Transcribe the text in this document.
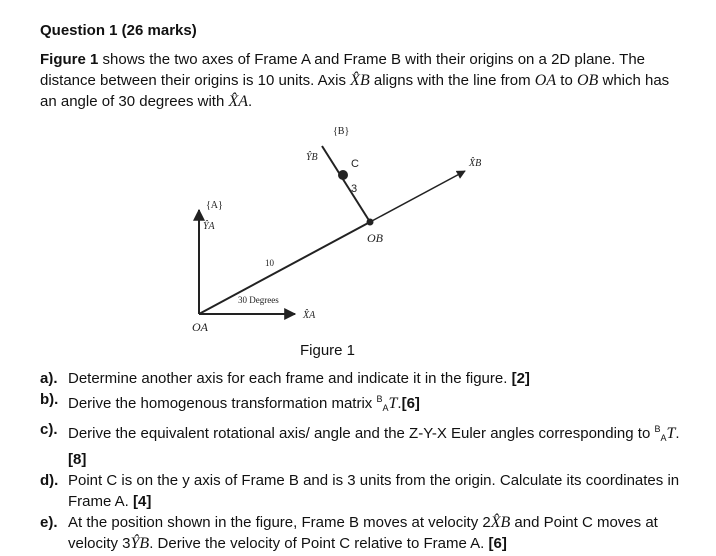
Question 1 (26 marks)
Figure 1 shows the two axes of Frame A and Frame B with their origins on a 2D plane. The distance between their origins is 10 units. Axis X̂B aligns with the line from OA to OB which has an angle of 30 degrees with X̂A.
{A}
ŶA
X̂A
OA
10
30 Degrees
{B}
ŶB
X̂B
C
3
OB
Figure 1
a). Determine another axis for each frame and indicate it in the figure. [2]
b). Derive the homogenous transformation matrix $^B_A$T.[6]
c). Derive the equivalent rotational axis/ angle and the Z-Y-X Euler angles corresponding to $^B_A$T. [8]
d). Point C is on the y axis of Frame B and is 3 units from the origin. Calculate its coordinates in Frame A. [4]
e). At the position shown in the figure, Frame B moves at velocity 2X̂B and Point C moves at velocity 3ŶB. Derive the velocity of Point C relative to Frame A. [6]
